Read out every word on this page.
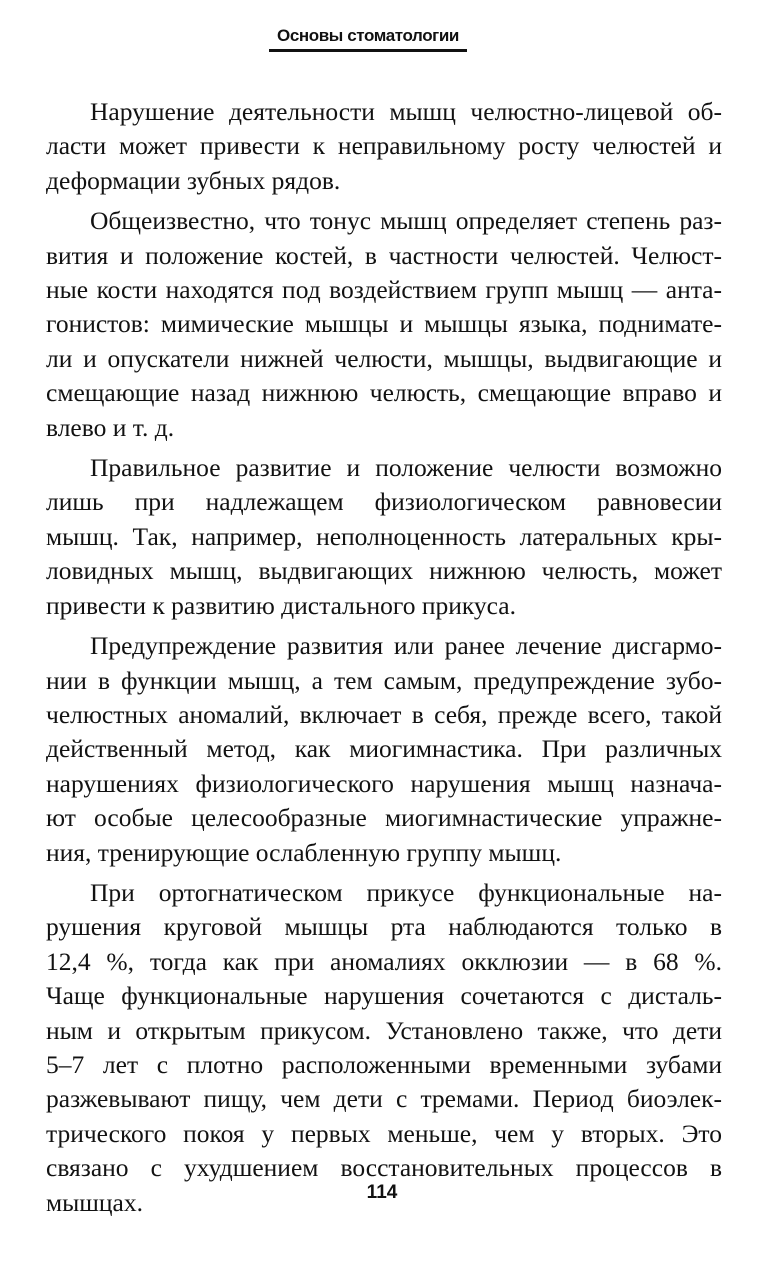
Основы стоматологии
Нарушение деятельности мышц челюстно-лицевой об-
ласти может привести к неправильному росту челюстей и
деформации зубных рядов.
Общеизвестно, что тонус мышц определяет степень раз-
вития и положение костей, в частности челюстей. Челюст-
ные кости находятся под воздействием групп мышц — анта-
гонистов: мимические мышцы и мышцы языка, поднимате-
ли и опускатели нижней челюсти, мышцы, выдвигающие и
смещающие назад нижнюю челюсть, смещающие вправо и
влево и т. д.
Правильное развитие и положение челюсти возможно
лишь при надлежащем физиологическом равновесии
мышц. Так, например, неполноценность латеральных кры-
ловидных мышц, выдвигающих нижнюю челюсть, может
привести к развитию дистального прикуса.
Предупреждение развития или ранее лечение дисгармо-
нии в функции мышц, а тем самым, предупреждение зубо-
челюстных аномалий, включает в себя, прежде всего, такой
действенный метод, как миогимнастика. При различных
нарушениях физиологического нарушения мышц назнача-
ют особые целесообразные миогимнастические упражне-
ния, тренирующие ослабленную группу мышц.
При ортогнатическом прикусе функциональные на-
рушения круговой мышцы рта наблюдаются только в
12,4 %, тогда как при аномалиях окклюзии — в 68 %.
Чаще функциональные нарушения сочетаются с дисталь-
ным и открытым прикусом. Установлено также, что дети
5–7 лет с плотно расположенными временными зубами
разжевывают пищу, чем дети с тремами. Период биоэлек-
трического покоя у первых меньше, чем у вторых. Это
связано с ухудшением восстановительных процессов в
мышцах.	114
